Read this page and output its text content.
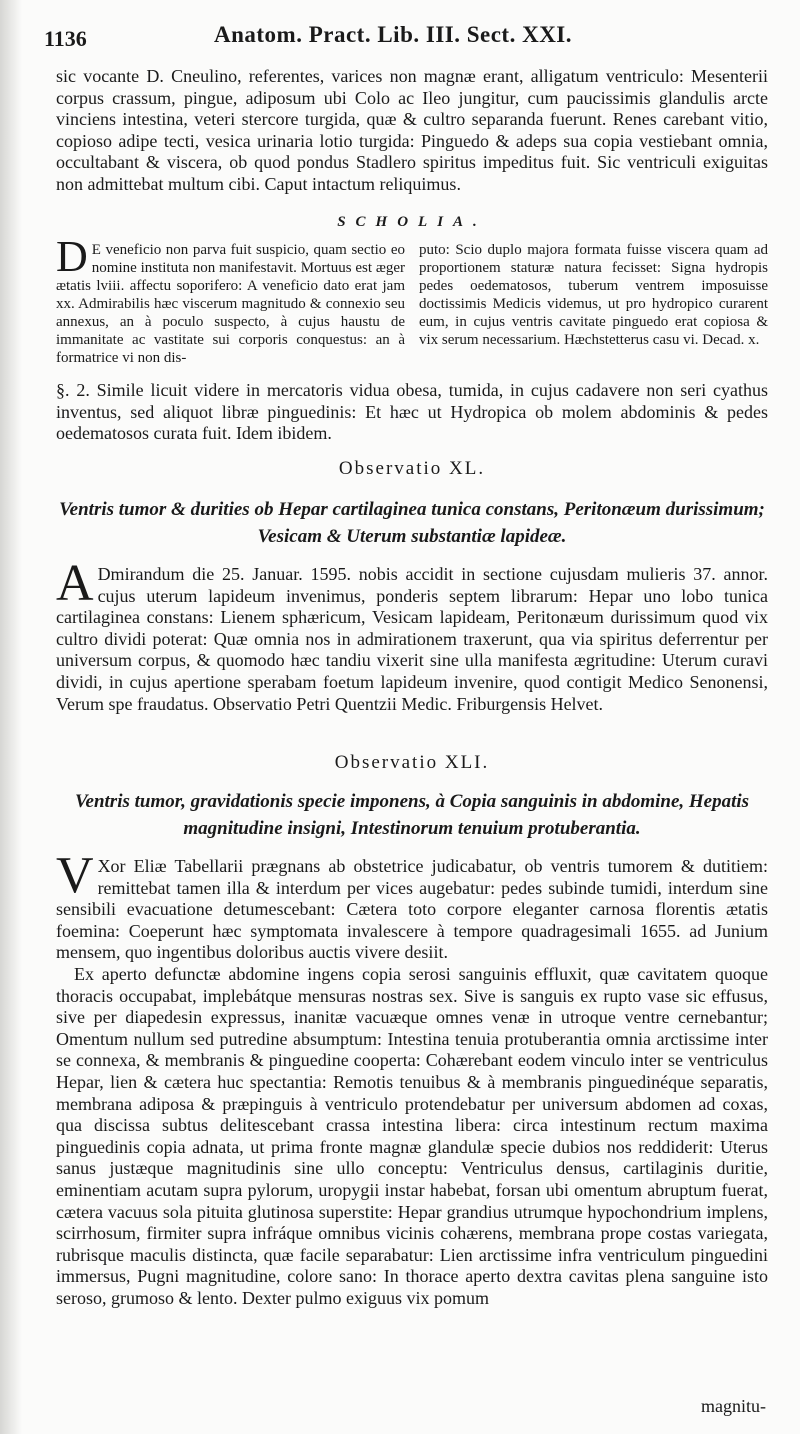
1136	Anatom. Pract. Lib. III. Sect. XXI.

sic vocante D. Cneulino, referentes, varices non magnæ erant, alligatum ventriculo: Mesenterii corpus crassum, pingue, adiposum ubi Colo ac Ileo jungitur, cum paucissimis glandulis arcte vinciens intestina, veteri stercore turgida, quæ & cultro separanda fuerunt. Renes carebant vitio, copioso adipe tecti, vesica urinaria lotio turgida: Pinguedo & adeps sua copia vestiebant omnia, occultabant & viscera, ob quod pondus Stadlero spiritus impeditus fuit. Sic ventriculi exiguitas non admittebat multum cibi. Caput intactum reliquimus.

SCHOLIA.

D E veneficio non parva fuit suspicio, quam sectio eo nomine instituta non manifestavit. Mortuus est æger ætatis lviii. affectu soporifero: A veneficio dato erat jam xx. Admirabilis hæc viscerum magnitudo & connexio seu annexus, an à poculo suspecto, à cujus haustu de immanitate ac vastitate sui corporis conquestus: an à formatrice vi non dis-

puto: Scio duplo majora formata fuisse viscera quam ad proportionem staturæ natura fecisset: Signa hydropis pedes oedematosos, tuberum ventrem imposuisse doctissimis Medicis videmus, ut pro hydropico curarent eum, in cujus ventris cavitate pinguedo erat copiosa & vix serum necessarium. Hæchstetterus casu vi. Decad. x.

§. 2. Simile licuit videre in mercatoris vidua obesa, tumida, in cujus cadavere non seri cyathus inventus, sed aliquot libræ pinguedinis: Et hæc ut Hydropica ob molem abdominis & pedes oedematosos curata fuit. Idem ibidem.

Observatio XL.
Ventris tumor & durities ob Hepar cartilaginea tunica constans, Peritonæum durissimum;
Vesicam & Uterum substantiæ lapideæ.

A Dmirandum die 25. Januar. 1595. nobis accidit in sectione cujusdam mulieris 37. annor. cujus uterum lapideum invenimus, ponderis septem librarum: Hepar uno lobo tunica cartilaginea constans: Lienem sphæricum, Vesicam lapideam, Peritonæum durissimum quod vix cultro dividi poterat: Quæ omnia nos in admirationem traxerunt, qua via spiritus deferrentur per universum corpus, & quomodo hæc tandiu vixerit sine ulla manifesta ægritudine: Uterum curavi dividi, in cujus apertione sperabam foetum lapideum invenire, quod contigit Medico Senonensi, Verum spe fraudatus. Observatio Petri Quentzii Medic. Friburgensis Helvet.

Observatio XLI.
Ventris tumor, gravidationis specie imponens, à Copia sanguinis in abdomine, Hepatis
magnitudine insigni, Intestinorum tenuium protuberantia.

V Xor Eliæ Tabellarii prægnans ab obstetrice judicabatur, ob ventris tumorem & dutitiem: remittebat tamen illa & interdum per vices augebatur: pedes subinde tumidi, interdum sine sensibili evacuatione detumescebant: Cætera toto corpore eleganter carnosa florentis ætatis foemina: Coeperunt hæc symptomata invalescere à tempore quadragesimali 1655. ad Junium mensem, quo ingentibus doloribus auctis vivere desiit.

Ex aperto defunctæ abdomine ingens copia serosi sanguinis effluxit, quæ cavitatem quoque thoracis occupabat, implebátque mensuras nostras sex. Sive is sanguis ex rupto vase sic effusus, sive per diapedesin expressus, inanitæ vacuæque omnes venæ in utroque ventre cernebantur; Omentum nullum sed putredine absumptum: Intestina tenuia protuberantia omnia arctissime inter se connexa, & membranis & pinguedine cooperta: Cohærebant eodem vinculo inter se ventriculus Hepar, lien & cætera huc spectantia: Remotis tenuibus & à membranis pinguedinéque separatis, membrana adiposa & præpinguis à ventriculo protendebatur per universum abdomen ad coxas, qua discissa subtus delitescebant crassa intestina libera: circa intestinum rectum maxima pinguedinis copia adnata, ut prima fronte magnæ glandulæ specie dubios nos reddiderit: Uterus sanus justæque magnitudinis sine ullo conceptu: Ventriculus densus, cartilaginis duritie, eminentiam acutam supra pylorum, uropygii instar habebat, forsan ubi omentum abruptum fuerat, cætera vacuus sola pituita glutinosa superstite: Hepar grandius utrumque hypochondrium implens, scirrhosum, firmiter supra infráque omnibus vicinis cohærens, membrana prope costas variegata, rubrisque maculis distincta, quæ facile separabatur: Lien arctissime infra ventriculum pinguedini immersus, Pugni magnitudine, colore sano: In thorace aperto dextra cavitas plena sanguine isto seroso, grumoso & lento. Dexter pulmo exiguus vix pomum

magnitu-
